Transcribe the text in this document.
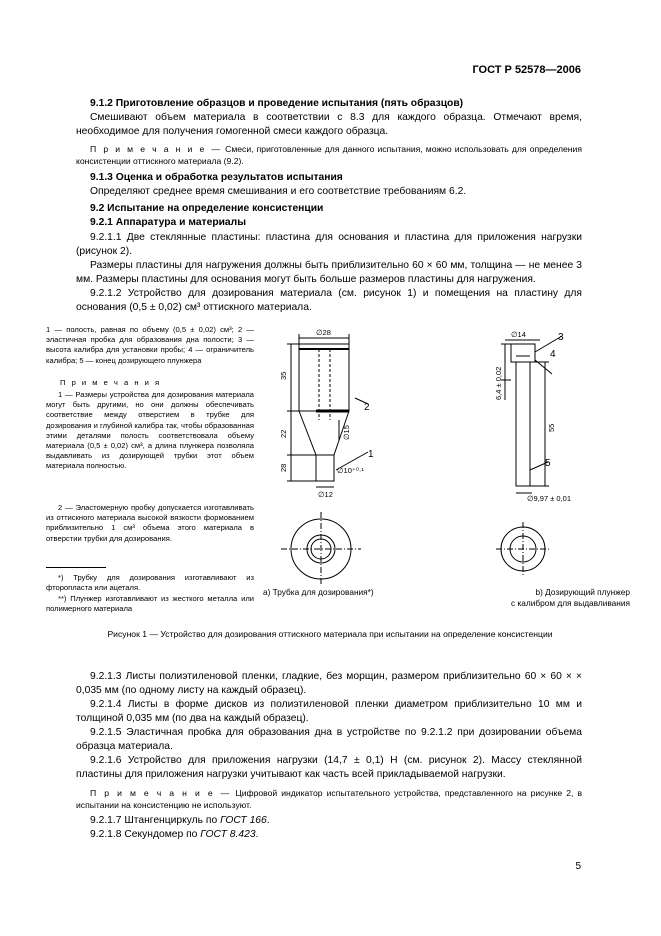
ГОСТ Р 52578—2006
9.1.2 Приготовление образцов и проведение испытания (пять образцов)
Смешивают объем материала в соответствии с 8.3 для каждого образца. Отмечают время, необходимое для получения гомогенной смеси каждого образца.
П р и м е ч а н и е — Смеси, приготовленные для данного испытания, можно использовать для определения консистенции оттискного материала (9.2).
9.1.3 Оценка и обработка результатов испытания
Определяют среднее время смешивания и его соответствие требованиям 6.2.
9.2 Испытание на определение консистенции
9.2.1 Аппаратура и материалы
9.2.1.1 Две стеклянные пластины: пластина для основания и пластина для приложения нагрузки (рисунок 2).
Размеры пластины для нагружения должны быть приблизительно 60 × 60 мм, толщина — не менее 3 мм. Размеры пластины для основания могут быть больше размеров пластины для нагружения.
9.2.1.2 Устройство для дозирования материала (см. рисунок 1) и помещения на пластину для основания (0,5 ± 0,02) см³ оттискного материала.
1 — полость, равная по объему (0,5 ± 0,02) см³; 2 — эластичная пробка для образования дна полости; 3 — высота калибра для установки пробы; 4 — ограничитель калибра; 5 — конец дозирующего плунжера
П р и м е ч а н и я
1 — Размеры устройства для дозирования материала могут быть другими, но они должны обеспечивать соответствие между отверстием в трубке для дозирования и глубиной калибра так, чтобы образованная этими деталями полость соответствовала объему материала (0,5 ± 0,02) см³, а длина плунжера позволяла выдавливать из дозирующей трубки этот объем материала полностью.
2 — Эластомерную пробку допускается изготавливать из оттискного материала высокой вязкости формованием приблизительно 1 см³ объема этого материала в отверстии трубки для дозирования.
*) Трубку для дозирования изготавливают из фторопласта или ацеталя.
**) Плунжер изготавливают из жесткого металла или полимерного материала
∅28
35
22
28
∅15
∅10⁺⁰·¹
∅12
2
1
∅14
6,4 ± 0,02
55
∅9,97 ± 0,01
3
4
5
а) Трубка для дозирования*)	b) Дозирующий плунжер
с калибром для выдавливания
Рисунок 1 — Устройство для дозирования оттискного материала при испытании на определение консистенции
9.2.1.3 Листы полиэтиленовой пленки, гладкие, без морщин, размером приблизительно 60 × 60 × × 0,035 мм (по одному листу на каждый образец).
9.2.1.4 Листы в форме дисков из полиэтиленовой пленки диаметром приблизительно 10 мм и толщиной 0,035 мм (по два на каждый образец).
9.2.1.5 Эластичная пробка для образования дна в устройстве по 9.2.1.2 при дозировании объема образца материала.
9.2.1.6 Устройство для приложения нагрузки (14,7 ± 0,1) Н (см. рисунок 2). Массу стеклянной пластины для приложения нагрузки учитывают как часть всей прикладываемой нагрузки.
П р и м е ч а н и е — Цифровой индикатор испытательного устройства, представленного на рисунке 2, в испытании на консистенцию не используют.
9.2.1.7 Штангенциркуль по ГОСТ 166.
9.2.1.8 Секундомер по ГОСТ 8.423.
5
